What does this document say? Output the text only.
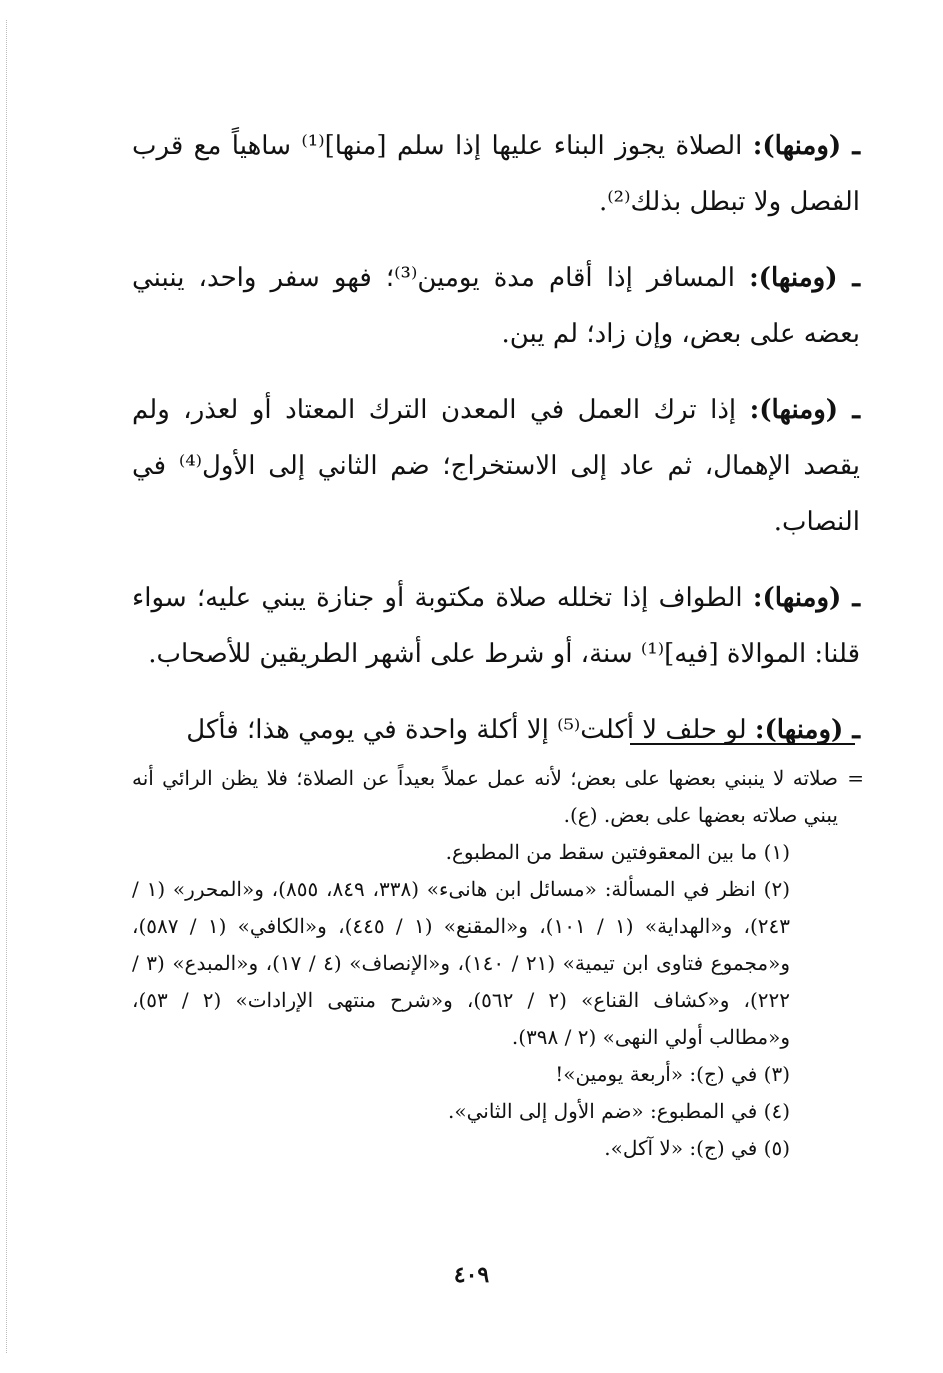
ـ (ومنها): الصلاة يجوز البناء عليها إذا سلم [منها]⁽¹⁾ ساهياً مع قرب الفصل ولا تبطل بذلك⁽²⁾.

ـ (ومنها): المسافر إذا أقام مدة يومين⁽³⁾؛ فهو سفر واحد، ينبني بعضه على بعض، وإن زاد؛ لم يبن.

ـ (ومنها): إذا ترك العمل في المعدن الترك المعتاد أو لعذر، ولم يقصد الإهمال، ثم عاد إلى الاستخراج؛ ضم الثاني إلى الأول⁽⁴⁾ في النصاب.

ـ (ومنها): الطواف إذا تخلله صلاة مكتوبة أو جنازة يبني عليه؛ سواء قلنا: الموالاة [فيه]⁽¹⁾ سنة، أو شرط على أشهر الطريقين للأصحاب.

ـ (ومنها): لو حلف لا أكلت⁽⁵⁾ إلا أكلة واحدة في يومي هذا؛ فأكل

=
صلاته لا ينبني بعضها على بعض؛ لأنه عمل عملاً بعيداً عن الصلاة؛ فلا يظن الرائي أنه يبني صلاته بعضها على بعض. (ع).

(١) ما بين المعقوفتين سقط من المطبوع.

(٢) انظر في المسألة: «مسائل ابن هانىء» (٣٣٨، ٨٤٩، ٨٥٥)، و«المحرر» (١ / ٢٤٣)، و«الهداية» (١ / ١٠١)، و«المقنع» (١ / ٤٤٥)، و«الكافي» (١ / ٥٨٧)، و«مجموع فتاوى ابن تيمية» (٢١ / ١٤٠)، و«الإنصاف» (٤ / ١٧)، و«المبدع» (٣ / ٢٢٢)، و«كشاف القناع» (٢ / ٥٦٢)، و«شرح منتهى الإرادات» (٢ / ٥٣)، و«مطالب أولي النهى» (٢ / ٣٩٨).

(٣) في (ج): «أربعة يومين»!

(٤) في المطبوع: «ضم الأول إلى الثاني».

(٥) في (ج): «لا آكل».

٤٠٩
